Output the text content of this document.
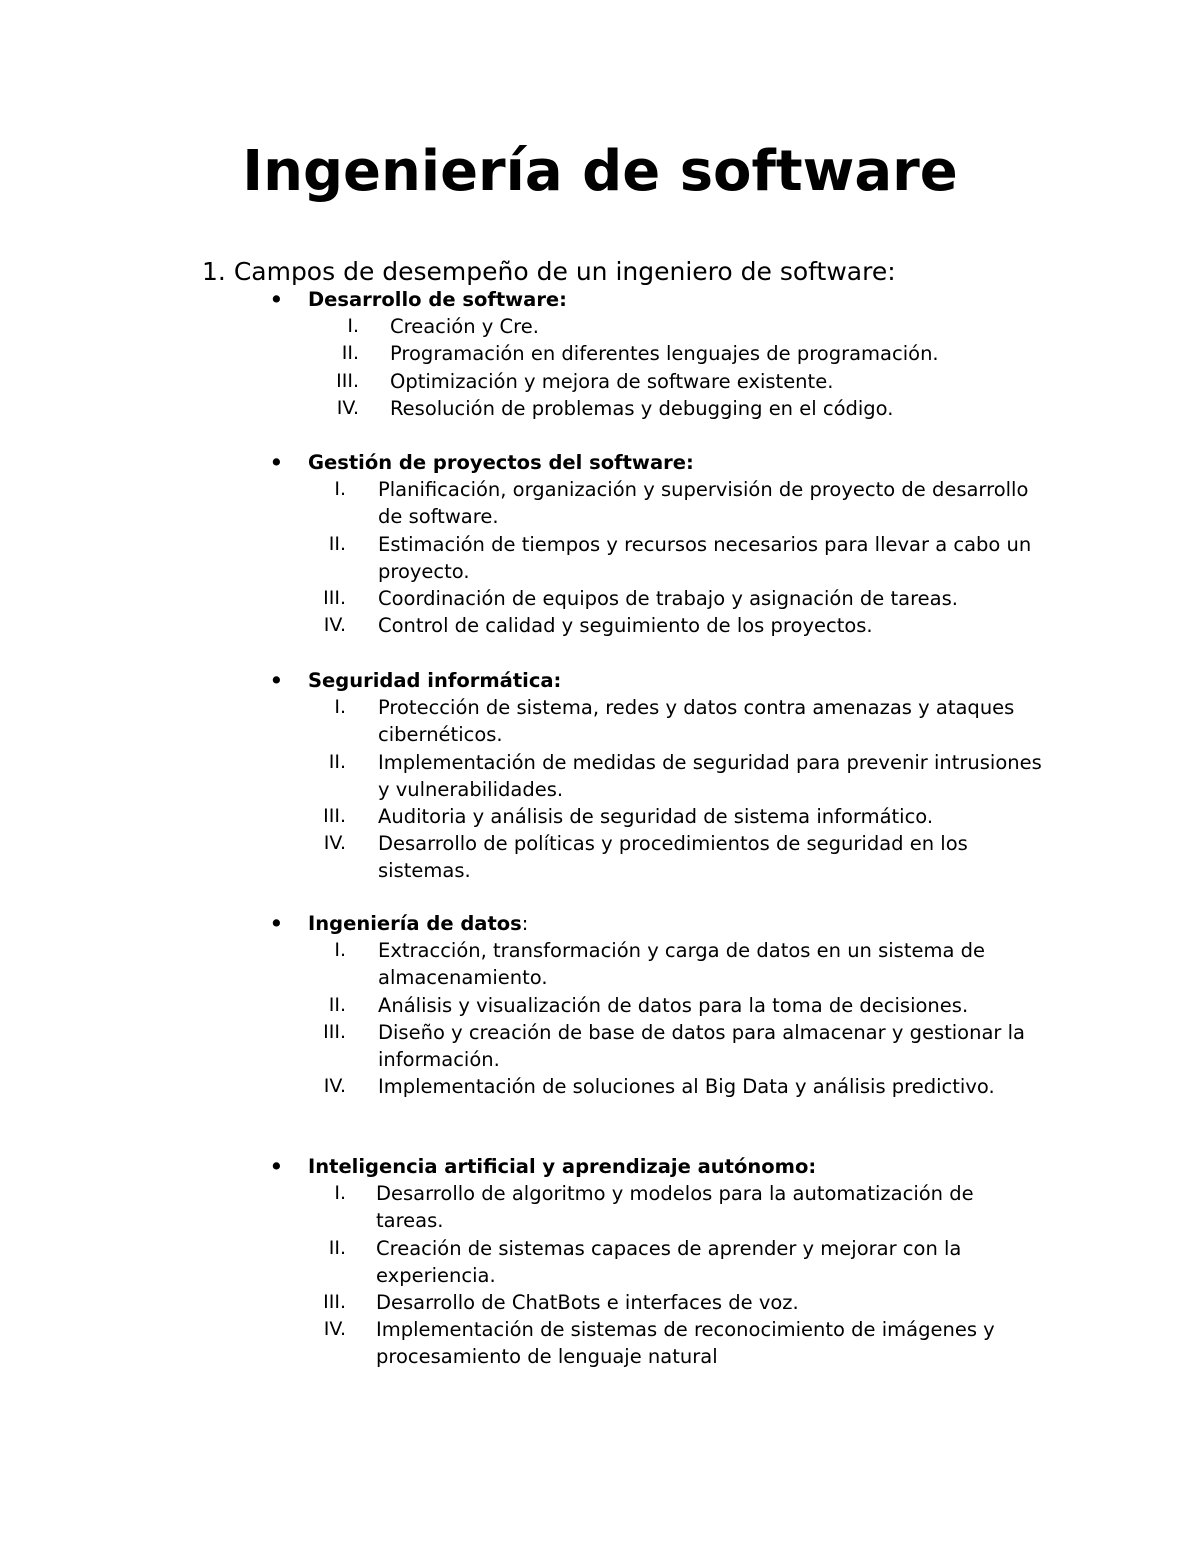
Ingeniería de software
1. Campos de desempeño de un ingeniero de software:
• Desarrollo de software:
I. Creación y Cre.
II. Programación en diferentes lenguajes de programación.
III. Optimización y mejora de software existente.
IV. Resolución de problemas y debugging en el código.
• Gestión de proyectos del software:
I. Planificación, organización y supervisión de proyecto de desarrollo de software.
II. Estimación de tiempos y recursos necesarios para llevar a cabo un proyecto.
III. Coordinación de equipos de trabajo y asignación de tareas.
IV. Control de calidad y seguimiento de los proyectos.
• Seguridad informática:
I. Protección de sistema, redes y datos contra amenazas y ataques cibernéticos.
II. Implementación de medidas de seguridad para prevenir intrusiones y vulnerabilidades.
III. Auditoria y análisis de seguridad de sistema informático.
IV. Desarrollo de políticas y procedimientos de seguridad en los sistemas.
• Ingeniería de datos:
I. Extracción, transformación y carga de datos en un sistema de almacenamiento.
II. Análisis y visualización de datos para la toma de decisiones.
III. Diseño y creación de base de datos para almacenar y gestionar la información.
IV. Implementación de soluciones al Big Data y análisis predictivo.
• Inteligencia artificial y aprendizaje autónomo:
I. Desarrollo de algoritmo y modelos para la automatización de tareas.
II. Creación de sistemas capaces de aprender y mejorar con la experiencia.
III. Desarrollo de ChatBots e interfaces de voz.
IV. Implementación de sistemas de reconocimiento de imágenes y procesamiento de lenguaje natural
